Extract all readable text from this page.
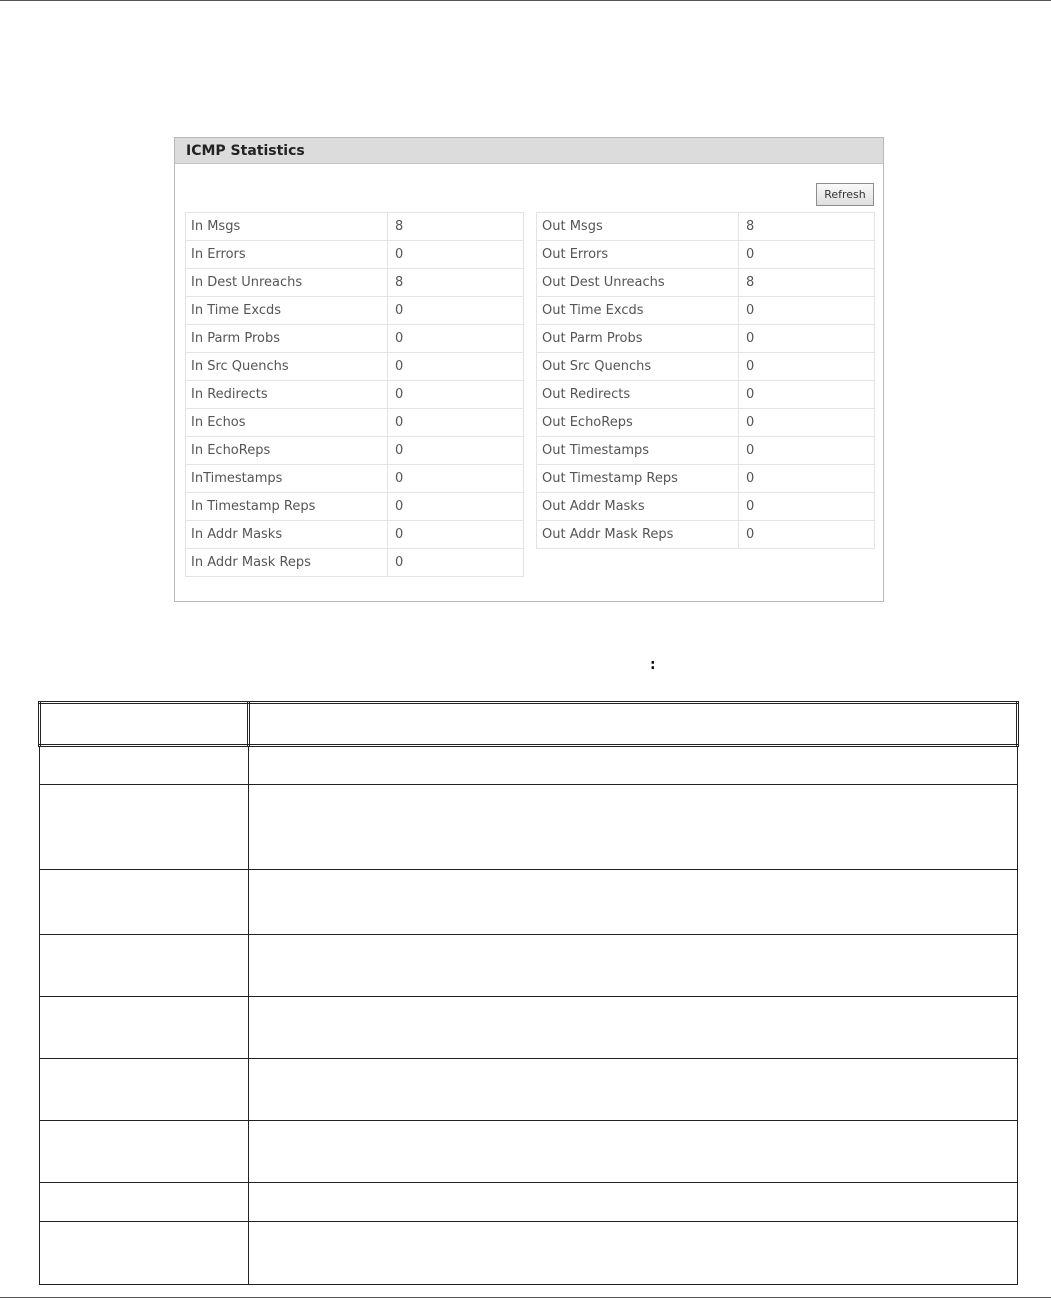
ICMP Statistics
Refresh
In Msgs	8
In Errors	0
In Dest Unreachs	8
In Time Excds	0
In Parm Probs	0
In Src Quenchs	0
In Redirects	0
In Echos	0
In EchoReps	0
InTimestamps	0
In Timestamp Reps	0
In Addr Masks	0
In Addr Mask Reps	0
Out Msgs	8
Out Errors	0
Out Dest Unreachs	8
Out Time Excds	0
Out Parm Probs	0
Out Src Quenchs	0
Out Redirects	0
Out EchoReps	0
Out Timestamps	0
Out Timestamp Reps	0
Out Addr Masks	0
Out Addr Mask Reps	0
:
